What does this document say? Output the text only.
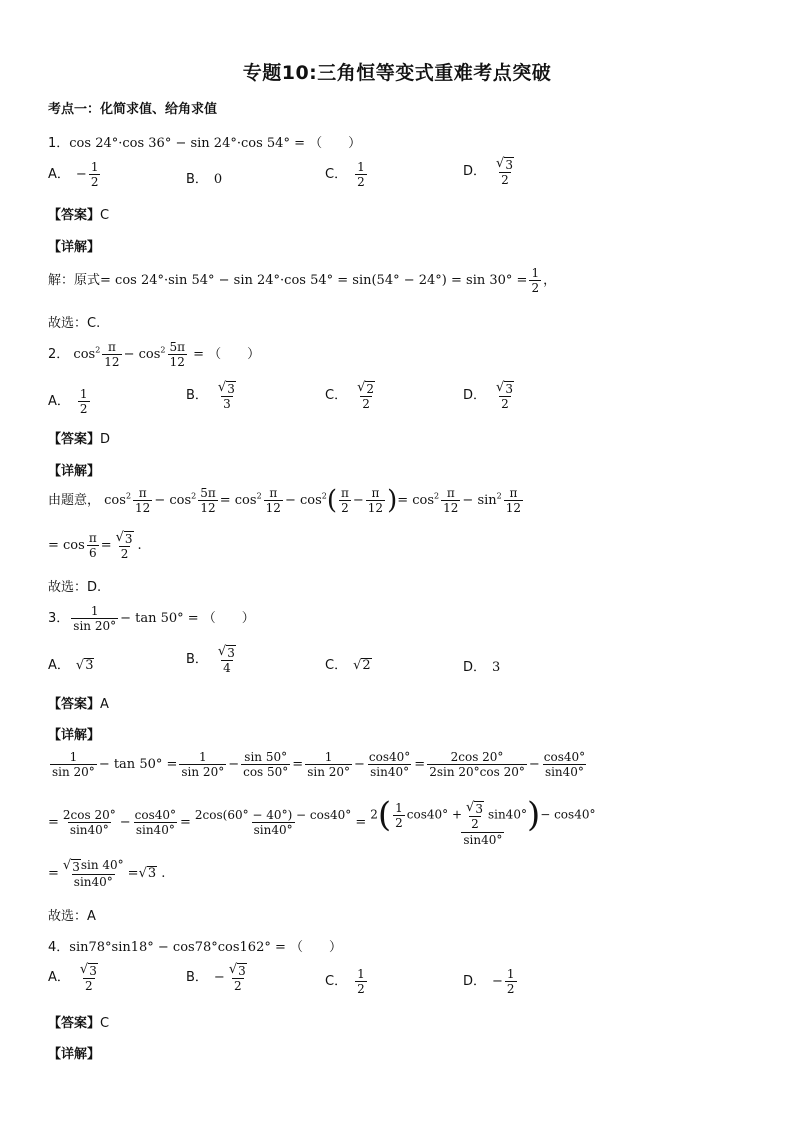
专题10:三角恒等变式重难考点突破
考点一：化简求值、给角求值
1．cos 24°·cos 36° − sin 24°·cos 54° = （　　）
A． − $\frac{1}{2}$	B． 0	C． $\frac{1}{2}$	D． $\frac{√ 3}{2}$
【答案】C
【详解】
解：原式= cos 24°·sin 54° − sin 24°·cos $54^\circ = \sin(54^\circ - 24^\circ) = \sin 30^\circ = \frac{1}{2}$ ，
故选：C.
2． $\cos^2 \frac{\pi}{12} - \cos^2 \frac{5\pi}{12}$ = （　　）
A． $\frac{1}{2}$	B． $\frac{√ 3}{3}$	C． $\frac{√ 2}{2}$	D． $\frac{√ 3}{2}$
【答案】D
【详解】
由题意， $\cos^2 \frac{\pi}{12} - \cos^2 \frac{5\pi}{12} = \cos^2 \frac{\pi}{12} - \cos^2( \frac{\pi}{2} - \frac{\pi}{12}$ )= $\cos^2 \frac{\pi}{12} - \sin^2 \frac{\pi}{12}$
= $\cos \frac{\pi}{6} = \frac{√ 3}{2}$ .
故选：D.
3． $\frac{1}{\sin 20^\circ} - \tan 50^\circ$ = （　　）
A． √ 3	B． $\frac{√ 3}{4}$	C． √ 2	D． 3
【答案】A
【详解】
$\frac{1}{\sin 20^\circ} - \tan 50^\circ = \frac{1}{\sin 20^\circ} - \frac{\sin 50^\circ}{\cos 50^\circ} = \frac{1}{\sin 20^\circ} - \frac{\cos 40^\circ}{\sin 40^\circ} = \frac{2\cos 20^\circ}{2\sin 20^\circ\cos 20^\circ} - \frac{\cos 40^\circ}{\sin 40^\circ}$
= $\frac{2\cos 20^\circ}{\sin 40^\circ} - \frac{\cos 40^\circ}{\sin 40^\circ} = \frac{2\cos(60^\circ - 40^\circ) - \cos 40^\circ}{\sin 40^\circ} = \frac{2( \frac{1}{2} \cos 40^\circ + \frac{√ 3}{2} \sin 40^\circ)- \cos 40^\circ}{\sin 40^\circ}$
= $\frac{√ 3 \sin 40^\circ}{\sin 40^\circ}$ = √ 3 .
故选：A
4．sin78°sin18° − cos78°cos162° = （　　）
A． $\frac{√ 3}{2}$	B． − $\frac{√ 3}{2}$	C． $\frac{1}{2}$	D． − $\frac{1}{2}$
【答案】C
【详解】
